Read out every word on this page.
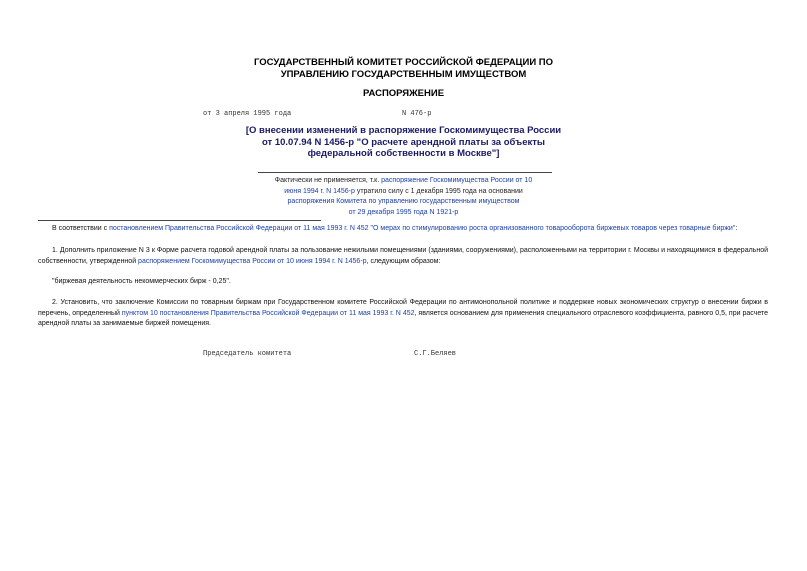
ГОСУДАРСТВЕННЫЙ КОМИТЕТ РОССИЙСКОЙ ФЕДЕРАЦИИ ПО
УПРАВЛЕНИЮ ГОСУДАРСТВЕННЫМ ИМУЩЕСТВОМ
РАСПОРЯЖЕНИЕ
от 3 апреля 1995 года	N 476-р
[О внесении изменений в распоряжение Госкомимущества России
от 10.07.94 N 1456-р "О расчете арендной платы за объекты
федеральной собственности в Москве"]
Фактически не применяется, т.к. распоряжение Госкомимущества России от 10
июня 1994 г. N 1456-р утратило силу с 1 декабря 1995 года на основании
распоряжения Комитета по управлению государственным имуществом
от 29 декабря 1995 года N 1921-р
В соответствии с постановлением Правительства Российской Федерации от 11 мая 1993 г. N 452 "О мерах по стимулированию роста организованного товарооборота биржевых товаров через товарные биржи":
1. Дополнить приложение N 3 к Форме расчета годовой арендной платы за пользование нежилыми помещениями (зданиями, сооружениями), расположенными на территории г. Москвы и находящимися в федеральной собственности, утвержденной распоряжением Госкомимущества России от 10 июня 1994 г. N 1456-р, следующим образом:
"биржевая деятельность некоммерческих бирж - 0,25".
2. Установить, что заключение Комиссии по товарным биржам при Государственном комитете Российской Федерации по антимонопольной политике и поддержке новых экономических структур о внесении биржи в перечень, определенный пунктом 10 постановления Правительства Российской Федерации от 11 мая 1993 г. N 452, является основанием для применения специального отраслевого коэффициента, равного 0,5, при расчете арендной платы за занимаемые биржей помещения.
Председатель комитета	С.Г.Беляев
